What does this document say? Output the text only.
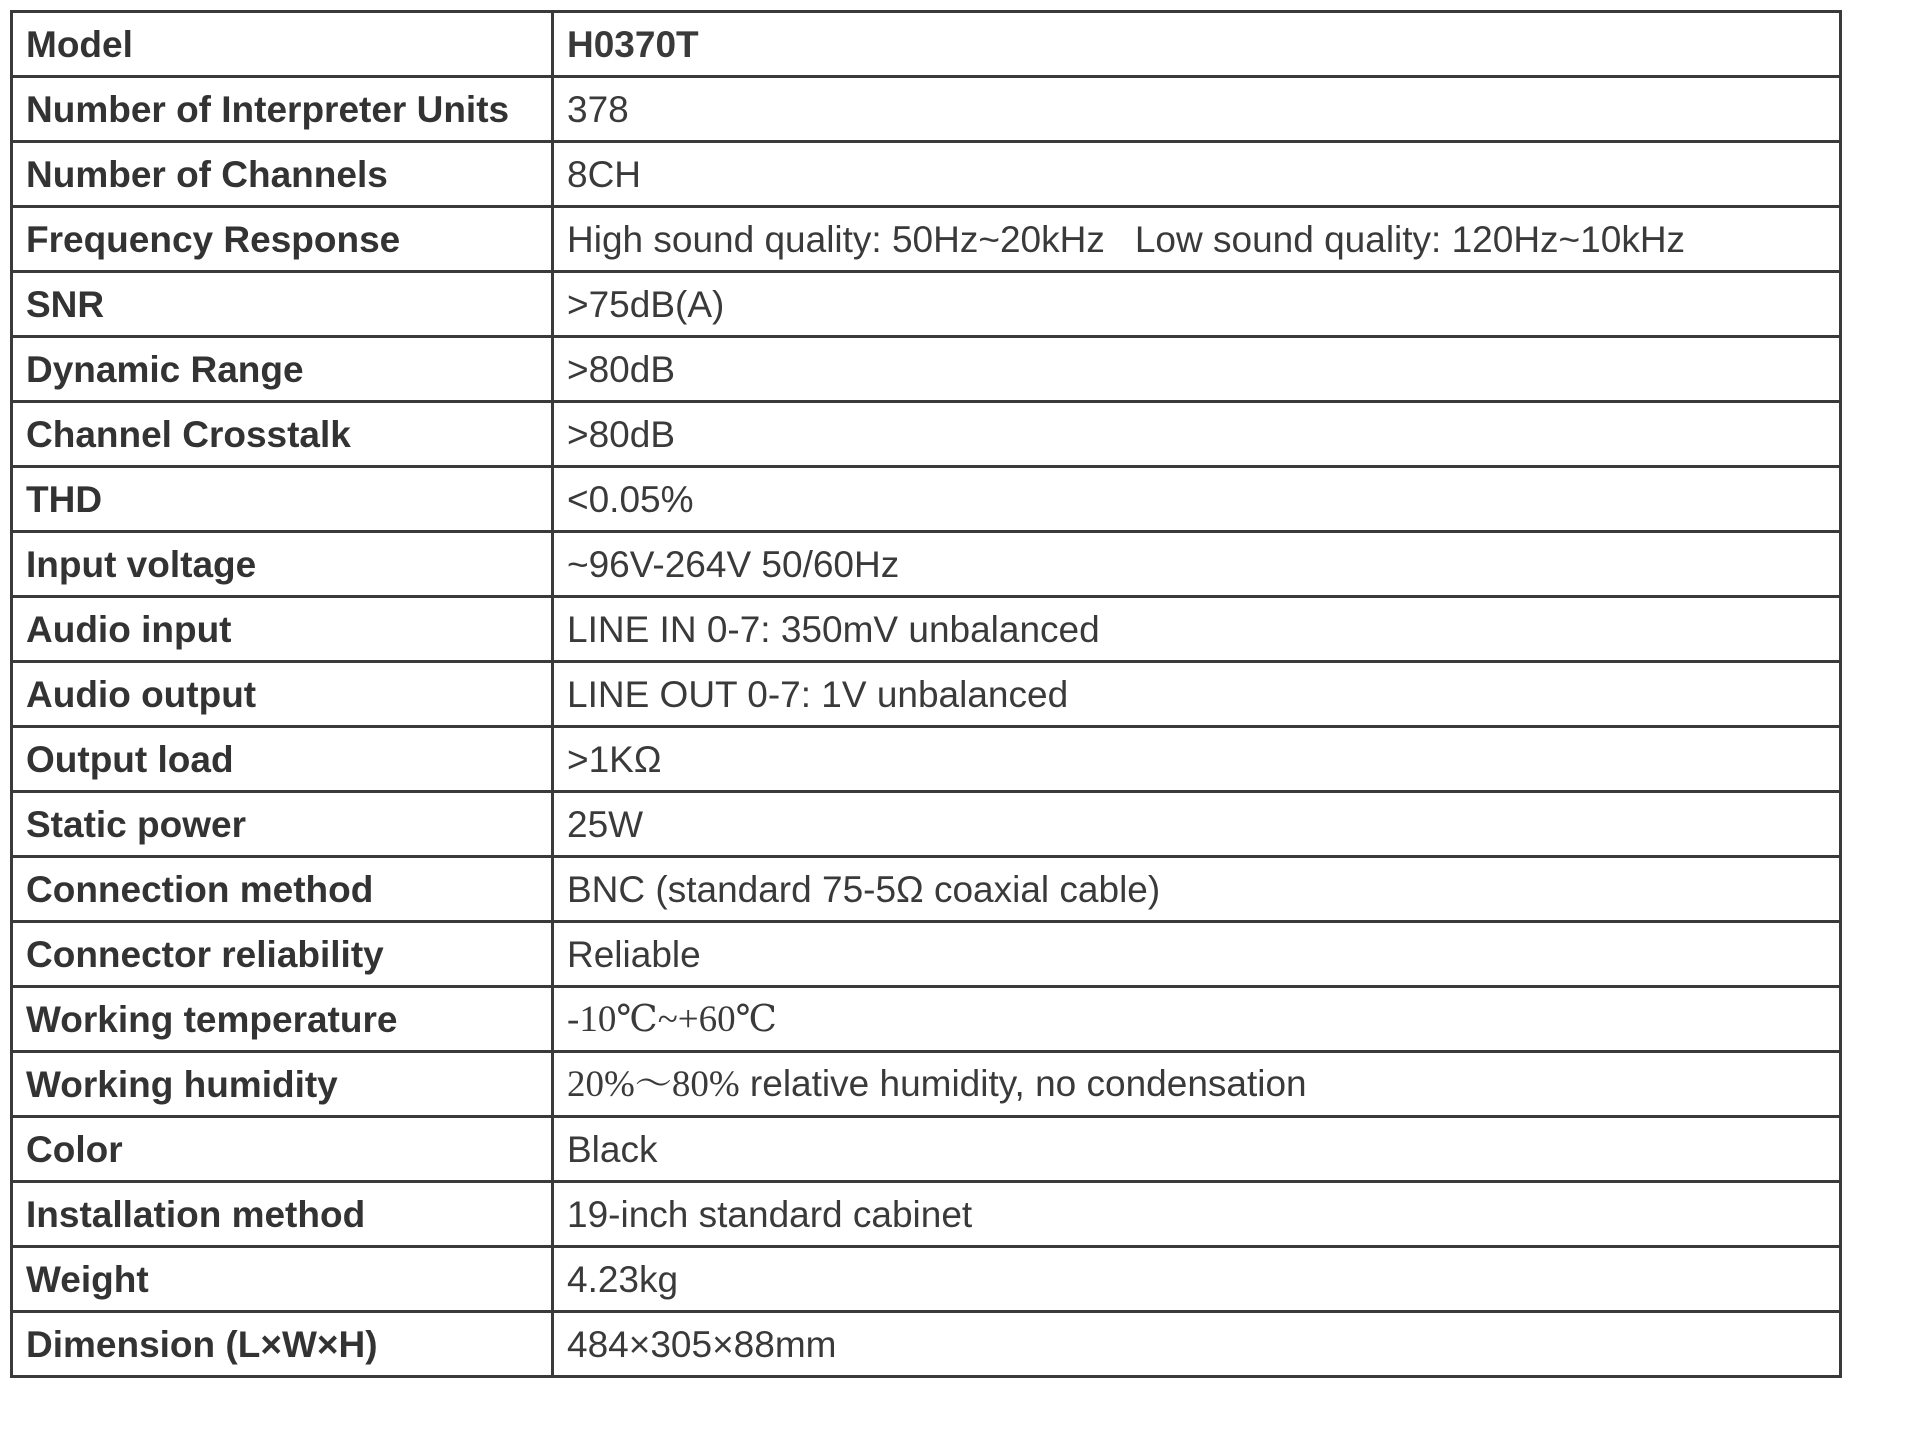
Model	H0370T
Number of Interpreter Units	378
Number of Channels	8CH
Frequency Response	High sound quality: 50Hz~20kHz Low sound quality: 120Hz~10kHz
SNR	>75dB(A)
Dynamic Range	>80dB
Channel Crosstalk	>80dB
THD	<0.05%
Input voltage	~96V-264V 50/60Hz
Audio input	LINE IN 0-7: 350mV unbalanced
Audio output	LINE OUT 0-7: 1V unbalanced
Output load	>1KΩ
Static power	25W
Connection method	BNC (standard 75-5Ω coaxial cable)
Connector reliability	Reliable
Working temperature	-10℃~+60℃
Working humidity	20%～80% relative humidity, no condensation
Color	Black
Installation method	19-inch standard cabinet
Weight	4.23kg
Dimension (L×W×H)	484×305×88mm
